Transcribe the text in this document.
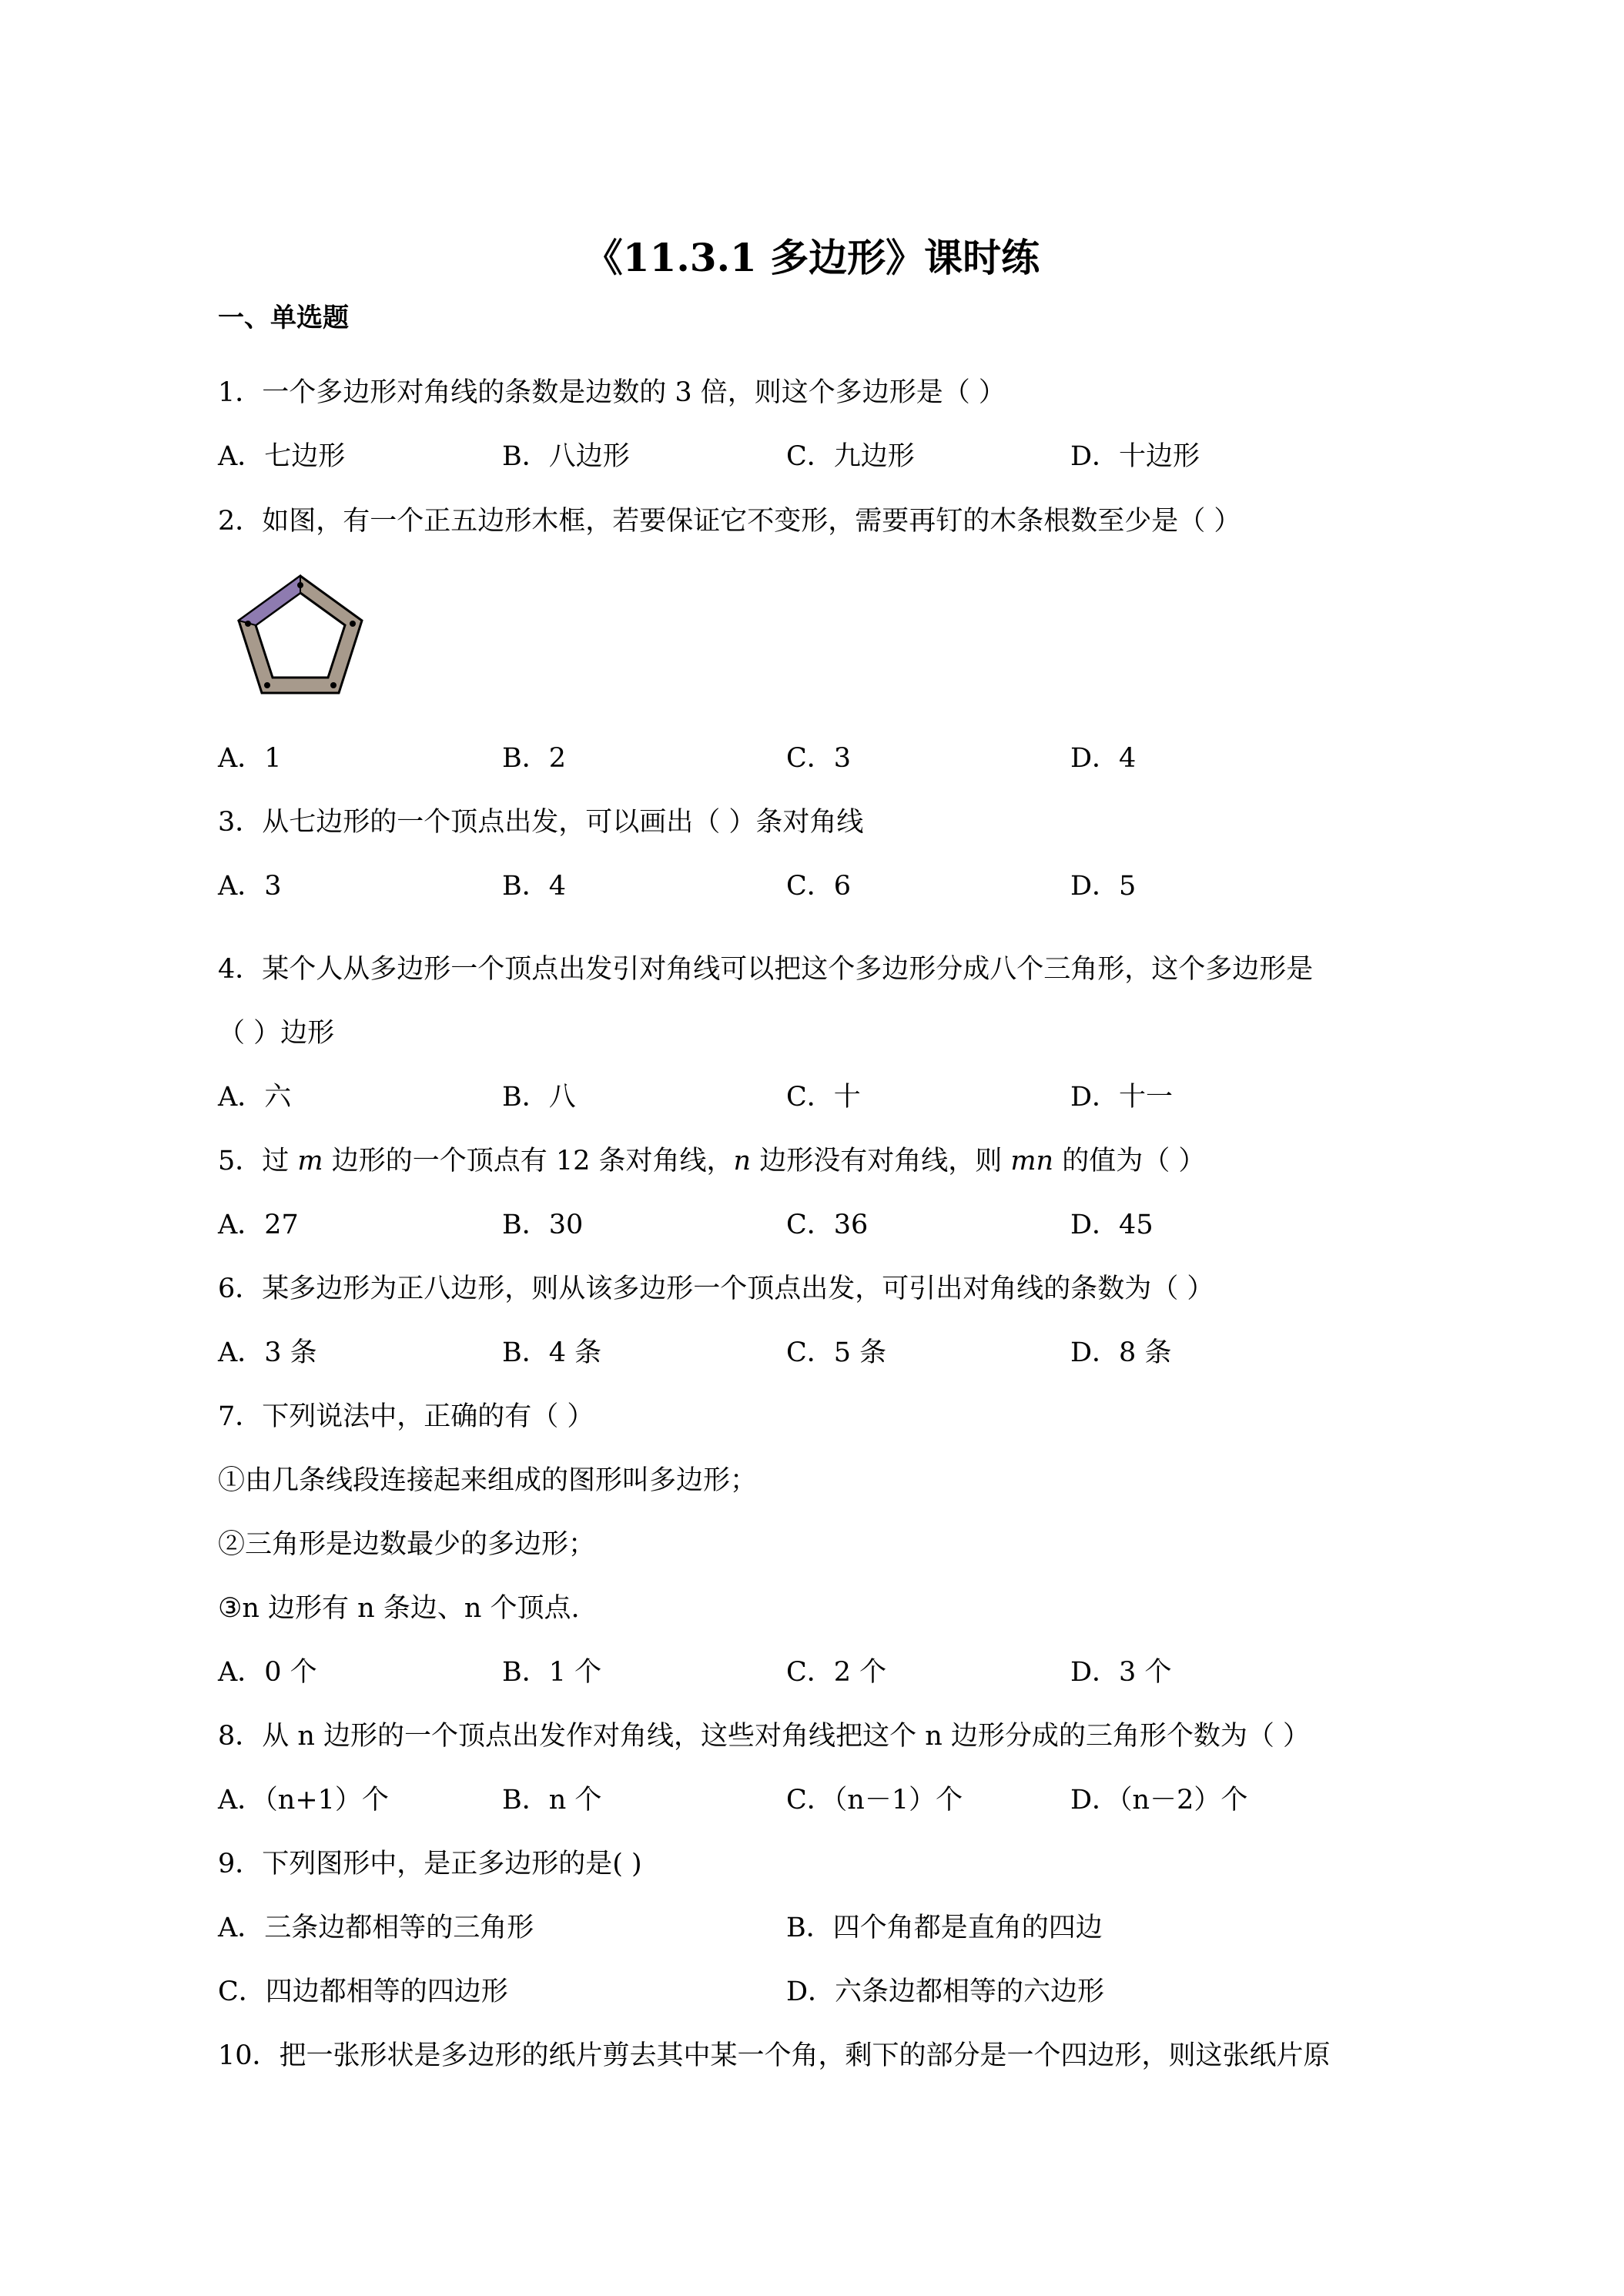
《11.3.1 多边形》课时练
一、单选题
1．一个多边形对角线的条数是边数的 3 倍，则这个多边形是（ ）
A．七边形	B．八边形	C．九边形	D．十边形
2．如图，有一个正五边形木框，若要保证它不变形，需要再钉的木条根数至少是（ ）
A．1	B．2	C．3	D．4
3．从七边形的一个顶点出发，可以画出（ ）条对角线
A．3	B．4	C．6	D．5
4．某个人从多边形一个顶点出发引对角线可以把这个多边形分成八个三角形，这个多边形是
（ ）边形
A．六	B．八	C．十	D．十一
5．过 m 边形的一个顶点有 12 条对角线，n 边形没有对角线，则 mn 的值为（ ）
A．27	B．30	C．36	D．45
6．某多边形为正八边形，则从该多边形一个顶点出发，可引出对角线的条数为（ ）
A．3 条	B．4 条	C．5 条	D．8 条
7．下列说法中，正确的有（ ）
①由几条线段连接起来组成的图形叫多边形；
②三角形是边数最少的多边形；
③n 边形有 n 条边、n 个顶点.
A．0 个	B．1 个	C．2 个	D．3 个
8．从 n 边形的一个顶点出发作对角线，这些对角线把这个 n 边形分成的三角形个数为（ ）
A．（n+1）个	B．n 个	C．（n－1）个	D．（n－2）个
9．下列图形中，是正多边形的是( )
A．三条边都相等的三角形	B．四个角都是直角的四边
C．四边都相等的四边形	D．六条边都相等的六边形
10．把一张形状是多边形的纸片剪去其中某一个角，剩下的部分是一个四边形，则这张纸片原
